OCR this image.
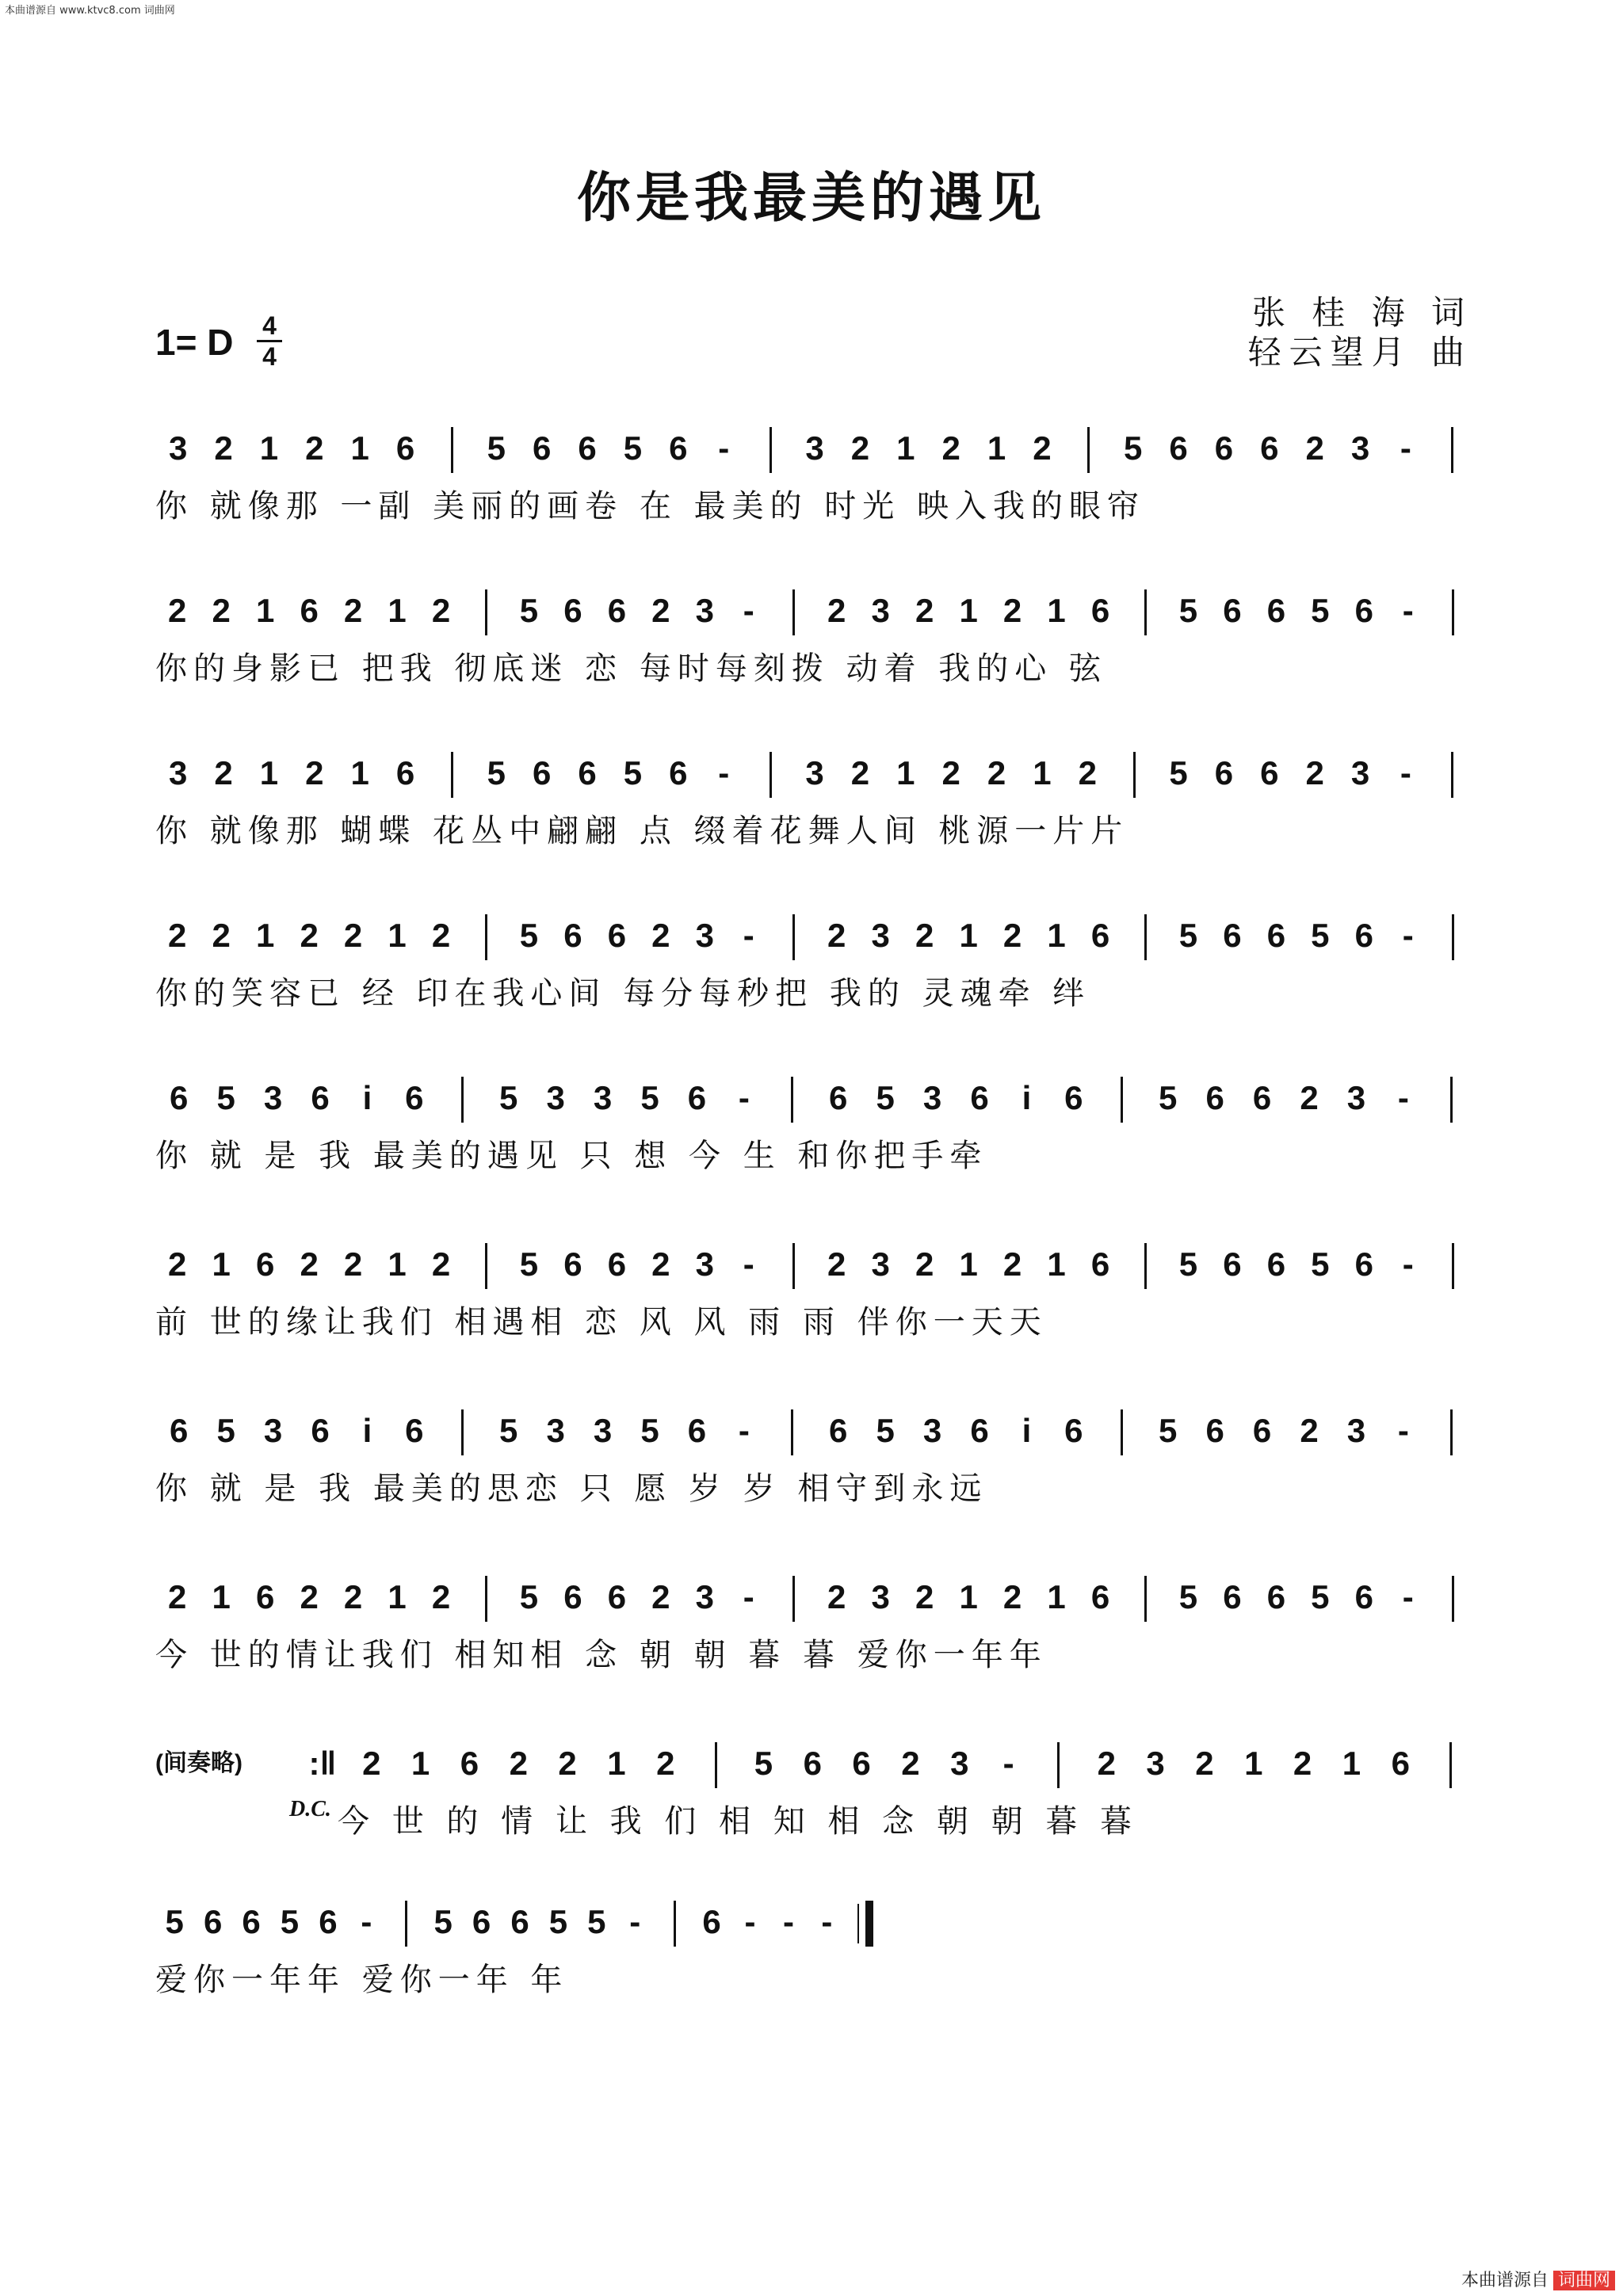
本曲谱源自 www.ktvc8.com 词曲网
你是我最美的遇见
张 桂 海 词
轻云望月 曲
1= D	4
4
3 2 1 2 1 6 5 6 6 5 6 -	3 2 1 2 1 2 5 6 6 6 2 3 -
你 就像那 一副 美丽的画卷 在 最美的 时光 映入我的眼帘
2 2 1 6 2 1 2 5 6 6 2 3 -	2 3 2 1 2 1 6 5 6 6 5 6 -
你的身影已 把我 彻底迷 恋 每时每刻拨 动着 我的心 弦
3 2 1 2 1 6 5 6 6 5 6 -	3 2 1 2 2 1 2 5 6 6 2 3 -
你 就像那 蝴蝶 花丛中翩翩 点 缀着花舞人间 桃源一片片
2 2 1 2 2 1 2 5 6 6 2 3 -	2 3 2 1 2 1 6 5 6 6 5 6 -
你的笑容已 经 印在我心间 每分每秒把 我的 灵魂牵 绊
6 5 3 6 i 6 5 3 3 5 6 -	6 5 3 6 i 6 5 6 6 2 3 -
你 就 是 我 最美的遇见 只 想 今 生 和你把手牵
2 1 6 2 2 1 2 5 6 6 2 3 -	2 3 2 1 2 1 6 5 6 6 5 6 -
前 世的缘让我们 相遇相 恋 风 风 雨 雨 伴你一天天
6 5 3 6 i 6 5 3 3 5 6 -	6 5 3 6 i 6 5 6 6 2 3 -
你 就 是 我 最美的思恋 只 愿 岁 岁 相守到永远
2 1 6 2 2 1 2 5 6 6 2 3 -	2 3 2 1 2 1 6 5 6 6 5 6 -
今 世的情让我们 相知相 念 朝 朝 暮 暮 爱你一年年
:‖ 2 1 6 2 2 1 2 5 6 6 2 3	-	2 3 2 1 2 1 6
今 世 的 情 让 我 们 相 知 相 念 朝 朝 暮 暮
5 6 6 5 6 -	5 6 6 5 5 -	6 - - -
爱你一年年 爱你一年 年
(间奏略)
D.C.
本曲谱源自 词曲网
